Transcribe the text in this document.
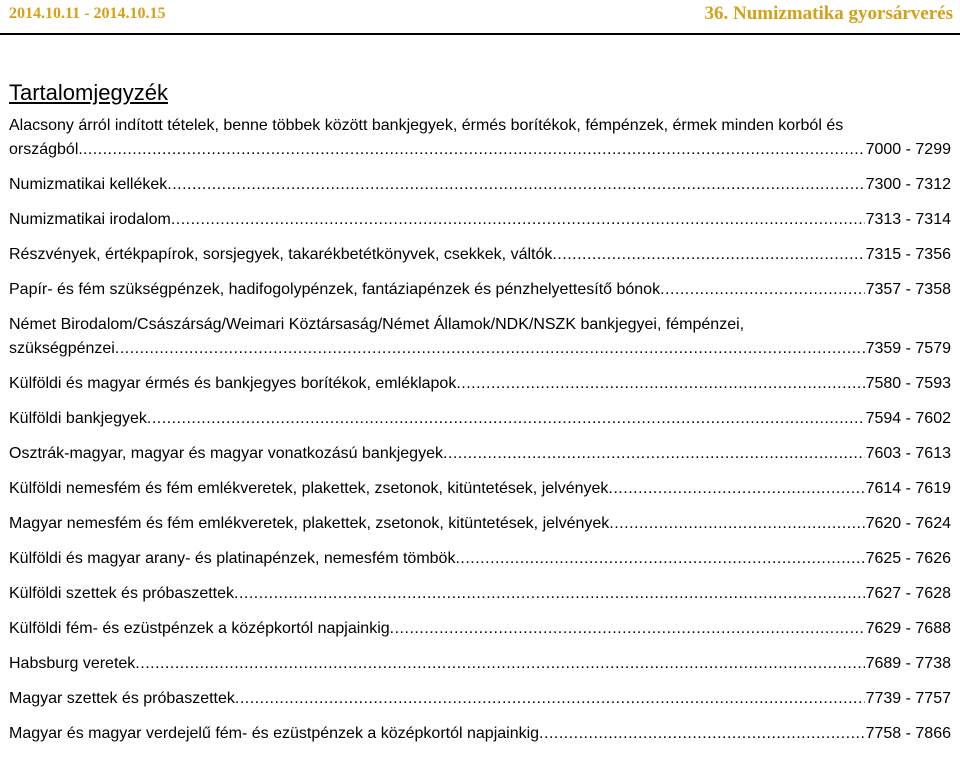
2014.10.11 - 2014.10.15	36. Numizmatika gyorsárverés
Tartalomjegyzék
Alacsony árról indított tételek, benne többek között bankjegyek, érmés borítékok, fémpénzek, érmek minden korból és
országból. .....	7000 - 7299
Numizmatikai kellékek .....	7300 - 7312
Numizmatikai irodalom .....	7313 - 7314
Részvények, értékpapírok, sorsjegyek, takarékbetétkönyvek, csekkek, váltók .....	7315 - 7356
Papír- és fém szükségpénzek, hadifogolypénzek, fantáziapénzek és pénzhelyettesítő bónok .....	7357 - 7358
Német Birodalom/Császárság/Weimari Köztársaság/Német Államok/NDK/NSZK bankjegyei, fémpénzei,
szükségpénzei .....	7359 - 7579
Külföldi és magyar érmés és bankjegyes borítékok, emléklapok .....	7580 - 7593
Külföldi bankjegyek .....	7594 - 7602
Osztrák-magyar, magyar és magyar vonatkozású bankjegyek .....	7603 - 7613
Külföldi nemesfém és fém emlékveretek, plakettek, zsetonok, kitüntetések, jelvények .....	7614 - 7619
Magyar nemesfém és fém emlékveretek, plakettek, zsetonok, kitüntetések, jelvények .....	7620 - 7624
Külföldi és magyar arany- és platinapénzek, nemesfém tömbök .....	7625 - 7626
Külföldi szettek és próbaszettek .....	7627 - 7628
Külföldi fém- és ezüstpénzek a középkortól napjainkig .....	7629 - 7688
Habsburg veretek .....	7689 - 7738
Magyar szettek és próbaszettek .....	7739 - 7757
Magyar és magyar verdejelű fém- és ezüstpénzek a középkortól napjainkig .....	7758 - 7866
